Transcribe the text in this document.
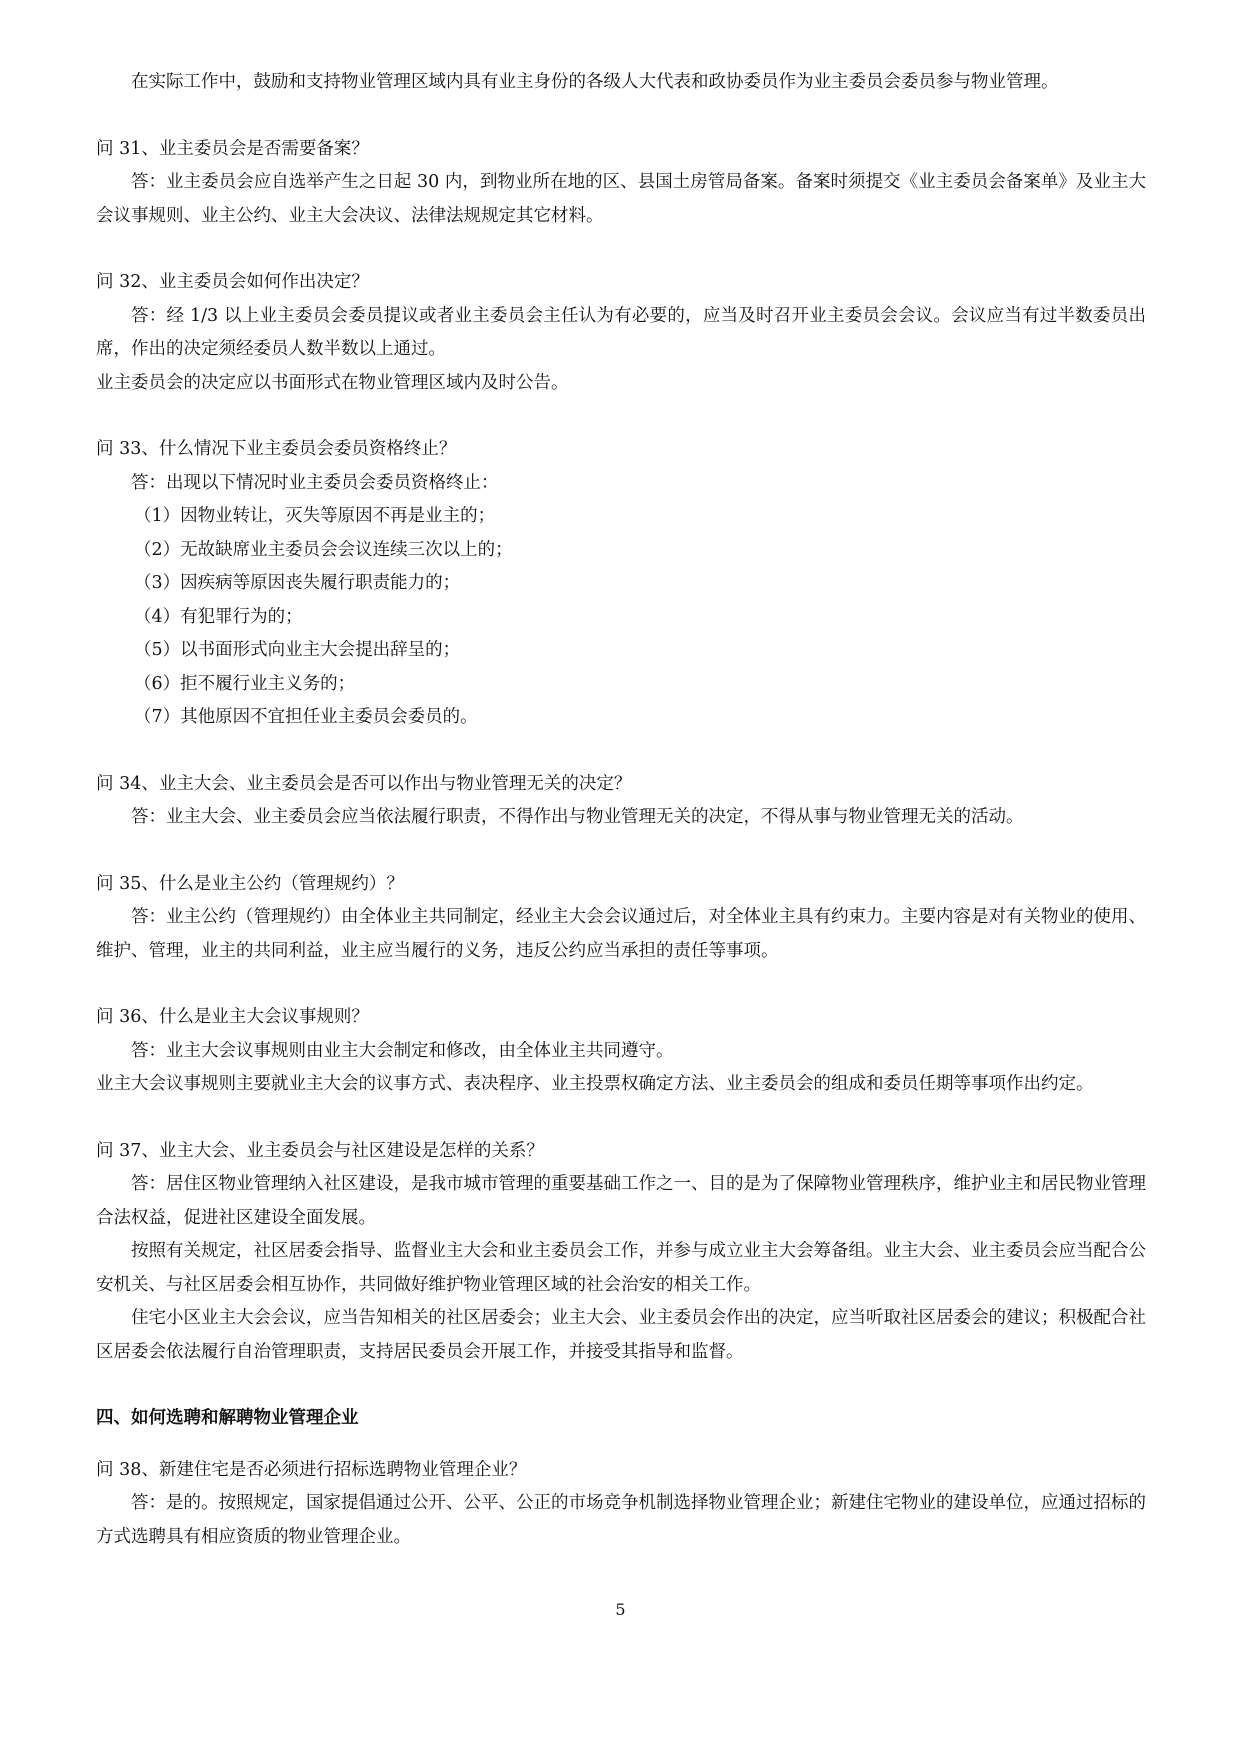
在实际工作中，鼓励和支持物业管理区域内具有业主身份的各级人大代表和政协委员作为业主委员会委员参与物业管理。

问 31、业主委员会是否需要备案？

答：业主委员会应自选举产生之日起 30 内，到物业所在地的区、县国土房管局备案。备案时须提交《业主委员会备案单》及业主大会议事规则、业主公约、业主大会决议、法律法规规定其它材料。

问 32、业主委员会如何作出决定？

答：经 1/3 以上业主委员会委员提议或者业主委员会主任认为有必要的，应当及时召开业主委员会会议。会议应当有过半数委员出席，作出的决定须经委员人数半数以上通过。

业主委员会的决定应以书面形式在物业管理区域内及时公告。

问 33、什么情况下业主委员会委员资格终止？

答：出现以下情况时业主委员会委员资格终止：

（1）因物业转让，灭失等原因不再是业主的；

（2）无故缺席业主委员会会议连续三次以上的；

（3）因疾病等原因丧失履行职责能力的；

（4）有犯罪行为的；

（5）以书面形式向业主大会提出辞呈的；

（6）拒不履行业主义务的；

（7）其他原因不宜担任业主委员会委员的。

问 34、业主大会、业主委员会是否可以作出与物业管理无关的决定？

答：业主大会、业主委员会应当依法履行职责，不得作出与物业管理无关的决定，不得从事与物业管理无关的活动。

问 35、什么是业主公约（管理规约）？

答：业主公约（管理规约）由全体业主共同制定，经业主大会会议通过后，对全体业主具有约束力。主要内容是对有关物业的使用、维护、管理，业主的共同利益，业主应当履行的义务，违反公约应当承担的责任等事项。

问 36、什么是业主大会议事规则？

答：业主大会议事规则由业主大会制定和修改，由全体业主共同遵守。

业主大会议事规则主要就业主大会的议事方式、表决程序、业主投票权确定方法、业主委员会的组成和委员任期等事项作出约定。

问 37、业主大会、业主委员会与社区建设是怎样的关系？

答：居住区物业管理纳入社区建设，是我市城市管理的重要基础工作之一、目的是为了保障物业管理秩序，维护业主和居民物业管理合法权益，促进社区建设全面发展。

按照有关规定，社区居委会指导、监督业主大会和业主委员会工作，并参与成立业主大会筹备组。业主大会、业主委员会应当配合公安机关、与社区居委会相互协作，共同做好维护物业管理区域的社会治安的相关工作。

住宅小区业主大会会议，应当告知相关的社区居委会；业主大会、业主委员会作出的决定，应当听取社区居委会的建议；积极配合社区居委会依法履行自治管理职责，支持居民委员会开展工作，并接受其指导和监督。

四、如何选聘和解聘物业管理企业

问 38、新建住宅是否必须进行招标选聘物业管理企业？

答：是的。按照规定，国家提倡通过公开、公平、公正的市场竞争机制选择物业管理企业；新建住宅物业的建设单位，应通过招标的方式选聘具有相应资质的物业管理企业。

5
